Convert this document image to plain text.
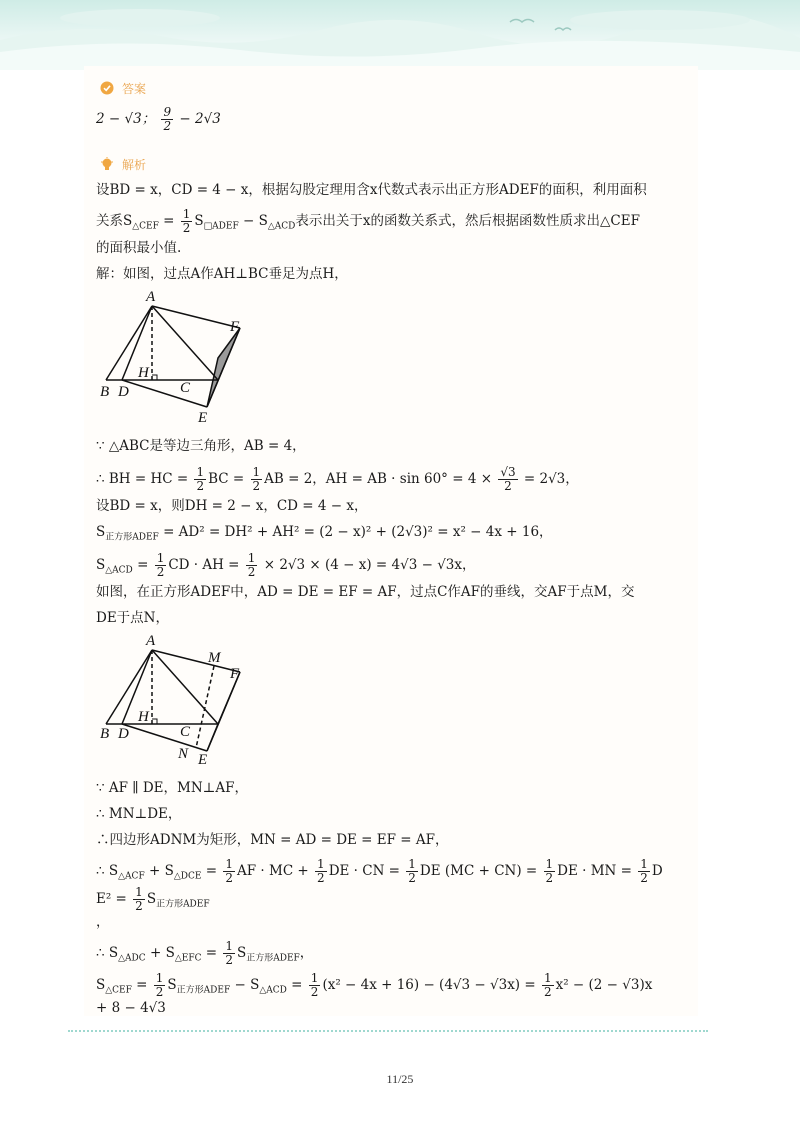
答案
2 − √3； $\frac{9}{2} - 2√3$
解析
设BD = x，CD = 4 − x，根据勾股定理用含x代数式表示出正方形ADEF的面积，利用面积
关系$S_{\triangle CEF} = \frac{1}{2} S_{□ADEF} - S_{\triangle ACD}$表示出关于x的函数关系式，然后根据函数性质求出△CEF
的面积最小值.
解：如图，过点A作AH⊥BC垂足为点H，
A
F
H
B D	C
E
∵ △ABC是等边三角形，AB = 4，
∴ BH = HC = $\frac{1}{2}$ BC = $\frac{1}{2}$ AB = 2，AH = AB · $\sin 60^\circ = 4 \times \frac{√3}{2} = 2√3$，
设BD = x，则DH = 2 − x，CD = 4 − x，
$S_{正方形ADEF} = AD^2 = DH^2 + AH^2 = (2 - x)^2 + (2√3)^2 = x^2 - 4x + 16$，
$S_{\triangle ACD} = \frac{1}{2}$ CD · AH = $\frac{1}{2} \times 2√3 \times (4 - x) = 4√3 - √3x$，
如图，在正方形ADEF中，AD = DE = EF = AF，过点C作AF的垂线，交AF于点M，交
DE于点N，
A
M
F
H
B D	C
N E
∵ AF ∥ DE，MN⊥AF，
∴ MN⊥DE，
∴四边形ADNM为矩形，MN = AD = DE = EF = AF，
∴ $S_{\triangle ACF} + S_{\triangle DCE} = \frac{1}{2}$ AF · MC + $\frac{1}{2}$ DE · CN = $\frac{1}{2}$ DE $(MC + CN) = \frac{1}{2}$ DE · MN = $\frac{1}{2}$ D
$E^2 = \frac{1}{2} S_{正方形ADEF}$
，
∴ $S_{\triangle ADC} + S_{\triangle EFC} = \frac{1}{2} S_{正方形ADEF}$，
$S_{\triangle CEF} = \frac{1}{2} S_{正方形ADEF} - S_{\triangle ACD} = \frac{1}{2} (x^2 - 4x + 16) - (4√3 - √3x) = \frac{1}{2} x^2 - (2 - √3)x$
+ 8 − 4√3
11/25
